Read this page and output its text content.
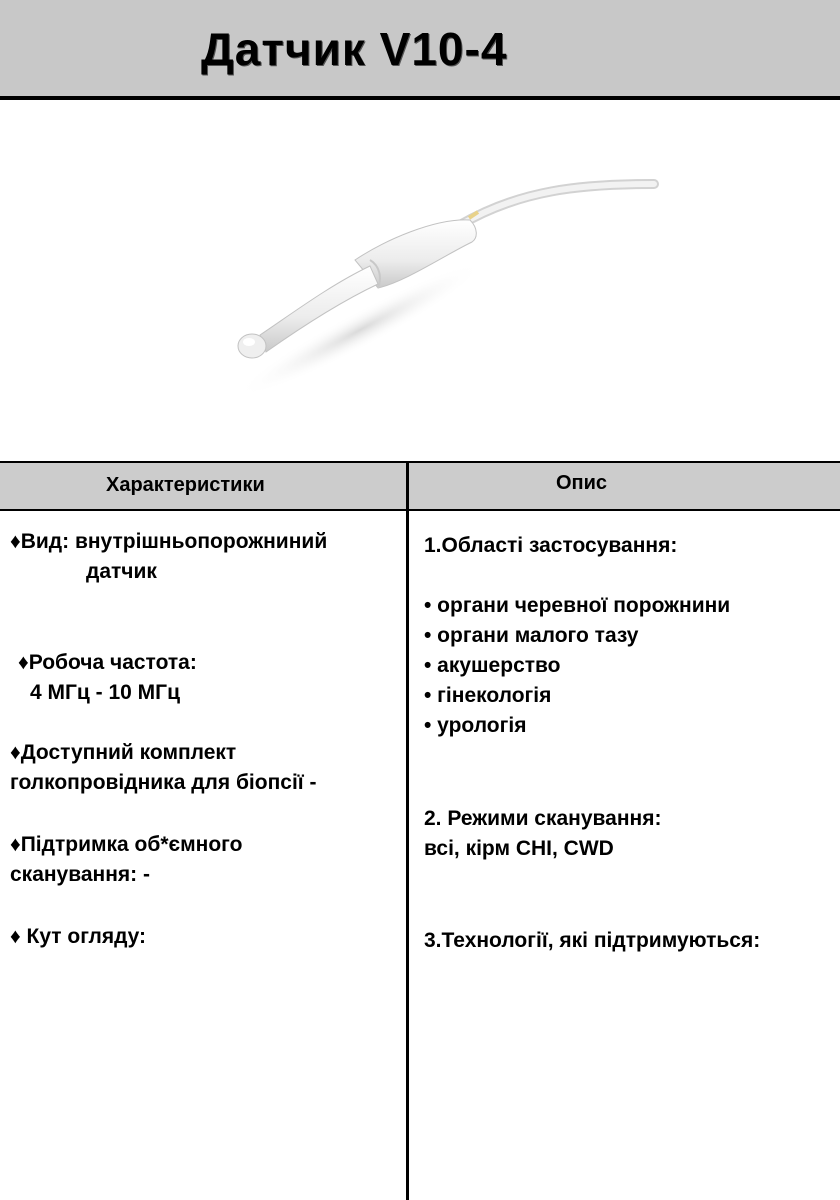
Датчик V10-4
Характеристики	Опис
♦Вид: внутрішньопорожниний
датчик
♦Робоча частота:
4 МГц - 10 МГц
♦Доступний комплект
голкопровідника для біопсії -
♦Підтримка об*ємного
сканування: -
♦ Кут огляду:
1.Області застосування:
• органи черевної порожнини
• органи малого тазу
• акушерство
• гінекологія
• урологія
2. Режими сканування:
всі, кірм CHI, CWD
3.Технології, які підтримуються:
